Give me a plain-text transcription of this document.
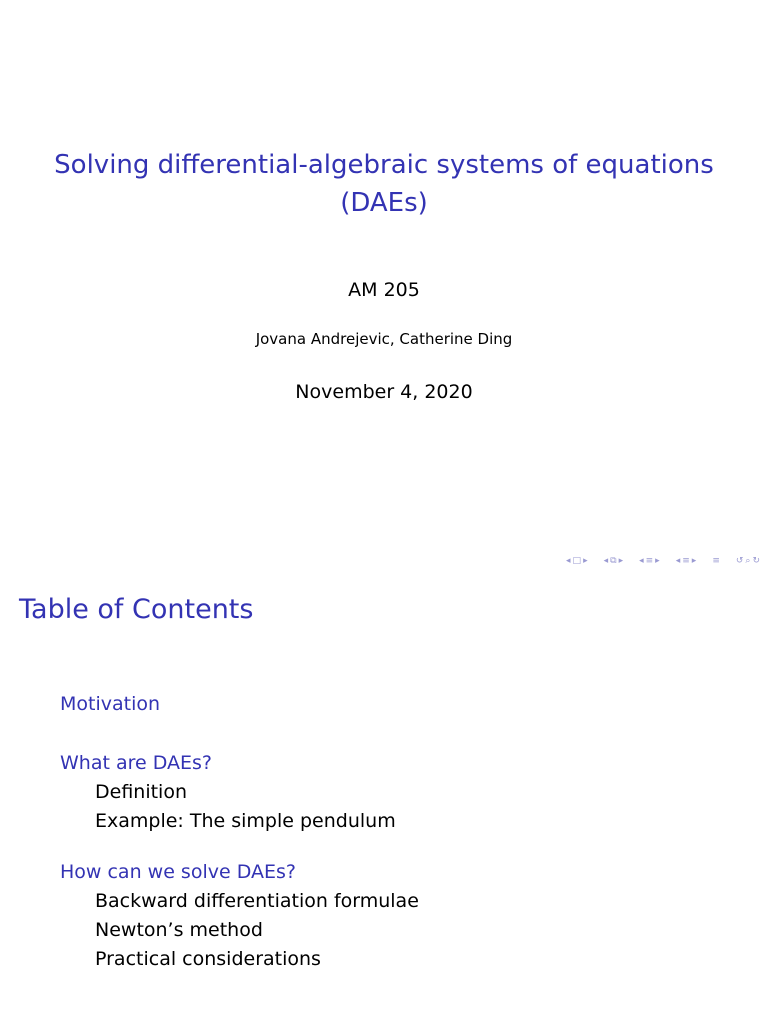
Solving differential-algebraic systems of equations
(DAEs)
AM 205
Jovana Andrejevic, Catherine Ding
November 4, 2020
◂ □ ▸ ◂ ⧉ ▸ ◂ ≡ ▸ ◂ ≡ ▸ ≡ ↺ ⌕ ↻
Table of Contents
Motivation
What are DAEs?
Definition
Example: The simple pendulum
How can we solve DAEs?
Backward differentiation formulae
Newton’s method
Practical considerations
